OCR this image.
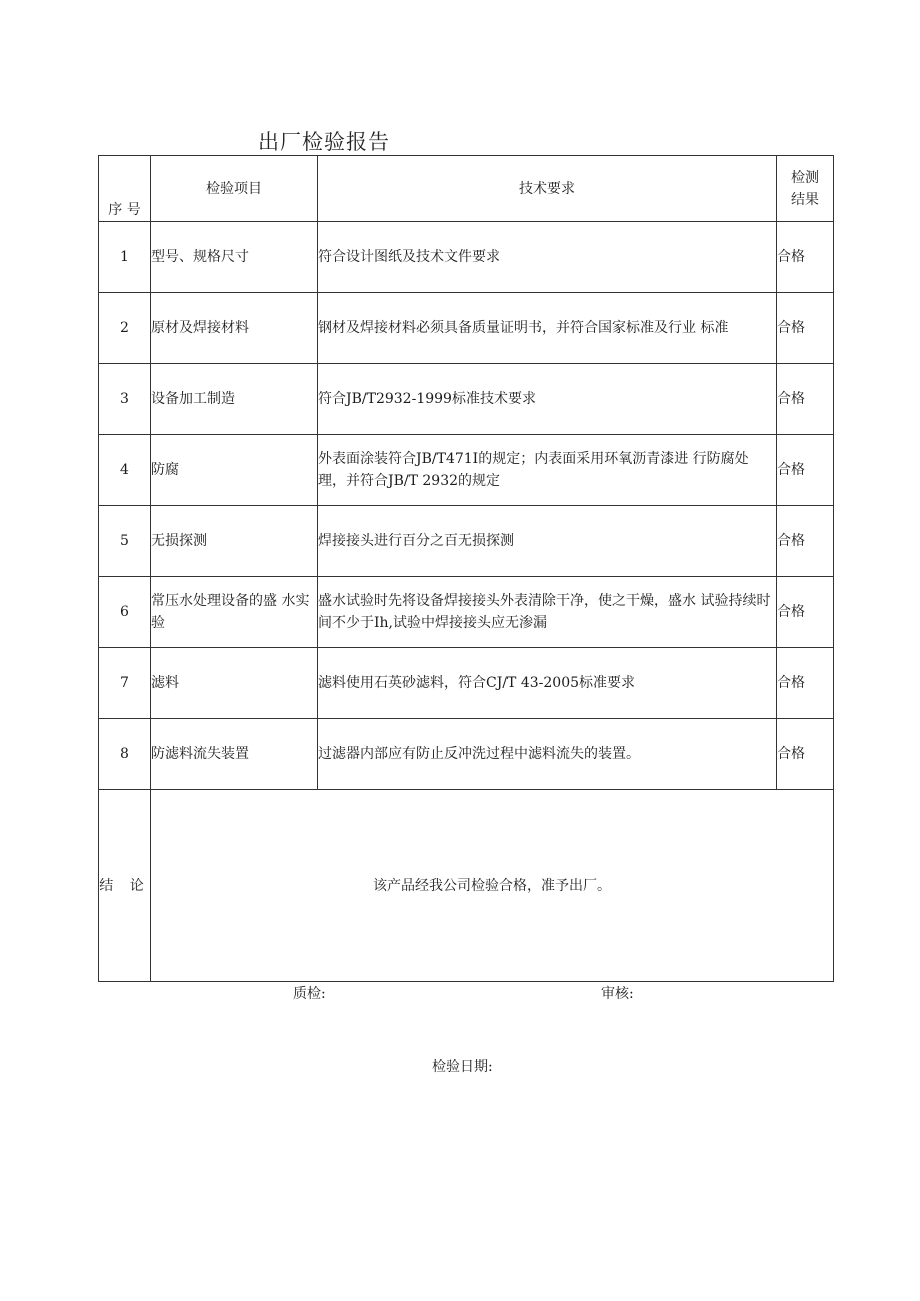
出厂检验报告
序 号	检验项目	技术要求	检测
结果
1	型号、规格尺寸	符合设计图纸及技术文件要求	合格
2	原材及焊接材料	钢材及焊接材料必须具备质量证明书，并符合国家标准及行业 标准	合格
3	设备加工制造	符合JB/T2932-1999标准技术要求	合格
4	防腐	外表面涂装符合JB/T471I的规定；内表面采用环氧沥青漆进 行防腐处理，并符合JB/T 2932的规定	合格
5	无损探测	焊接接头进行百分之百无损探测	合格
6	常压水处理设备的盛 水实验	盛水试验时先将设备焊接接头外表清除干净，使之干燥，盛水 试验持续时间不少于Ih,试验中焊接接头应无渗漏	合格
7	滤料	滤料使用石英砂滤料，符合CJ/T 43-2005标准要求	合格
8	防滤料流失装置	过滤器内部应有防止反冲洗过程中滤料流失的装置。	合格
结 论	该产品经我公司检验合格，准予出厂。		
质检:	审核:
检验日期:
